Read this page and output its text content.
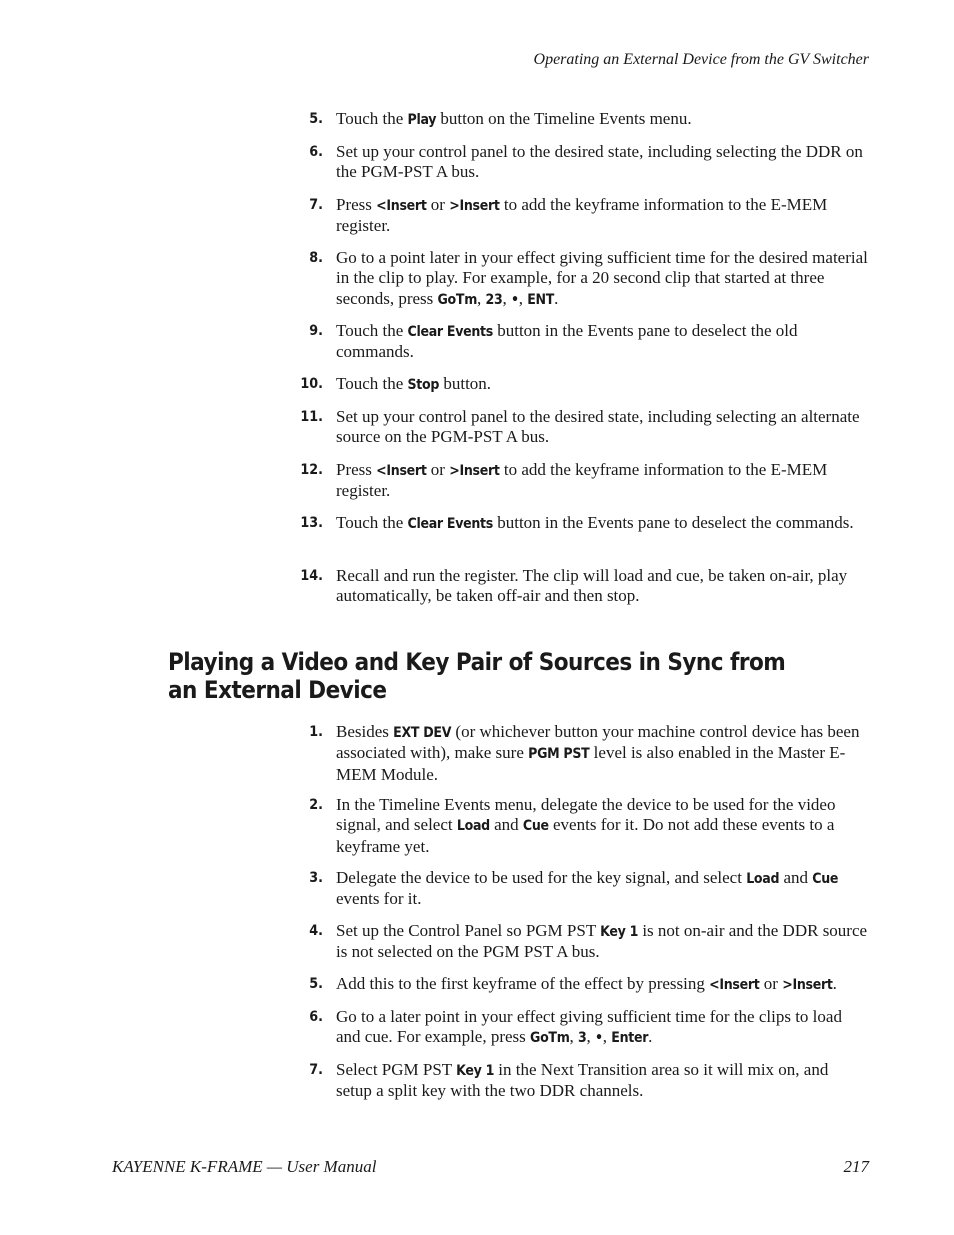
Operating an External Device from the GV Switcher
5. Touch the Play button on the Timeline Events menu.
6. Set up your control panel to the desired state, including selecting the DDR on the PGM-PST A bus.
7. Press <Insert or >Insert to add the keyframe information to the E-MEM register.
8. Go to a point later in your effect giving sufficient time for the desired material in the clip to play. For example, for a 20 second clip that started at three seconds, press GoTm, 23, •, ENT.
9. Touch the Clear Events button in the Events pane to deselect the old commands.
10. Touch the Stop button.
11. Set up your control panel to the desired state, including selecting an alternate source on the PGM-PST A bus.
12. Press <Insert or >Insert to add the keyframe information to the E-MEM register.
13. Touch the Clear Events button in the Events pane to deselect the commands.
14. Recall and run the register. The clip will load and cue, be taken on-air, play automatically, be taken off-air and then stop.
Playing a Video and Key Pair of Sources in Sync from an External Device
1. Besides EXT DEV (or whichever button your machine control device has been associated with), make sure PGM PST level is also enabled in the Master E-MEM Module.
2. In the Timeline Events menu, delegate the device to be used for the video signal, and select Load and Cue events for it. Do not add these events to a keyframe yet.
3. Delegate the device to be used for the key signal, and select Load and Cue events for it.
4. Set up the Control Panel so PGM PST Key 1 is not on-air and the DDR source is not selected on the PGM PST A bus.
5. Add this to the first keyframe of the effect by pressing <Insert or >Insert.
6. Go to a later point in your effect giving sufficient time for the clips to load and cue. For example, press GoTm, 3, •, Enter.
7. Select PGM PST Key 1 in the Next Transition area so it will mix on, and setup a split key with the two DDR channels.
KAYENNE K-FRAME — User Manual	217
